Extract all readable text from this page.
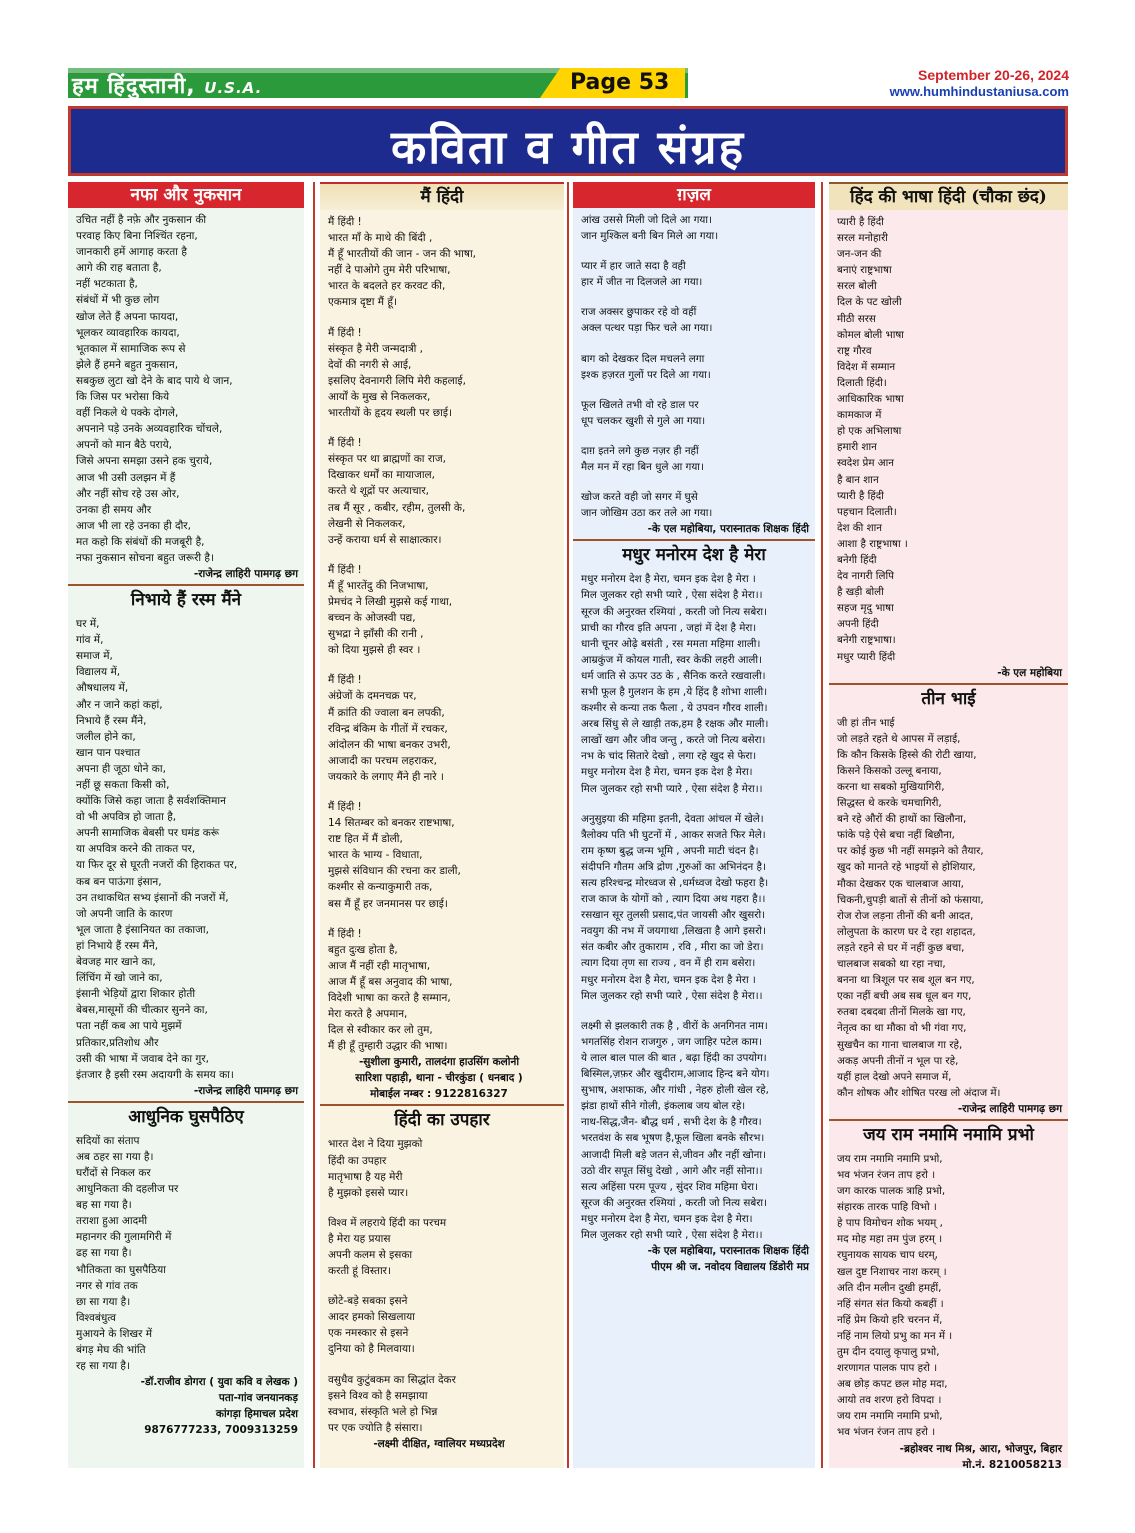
हम हिंदुस्तानी, U.S.A.	Page 53	September 20-26, 2024
www.humhindustaniusa.com
कविता व गीत संग्रह
नफा और नुकसान
उचित नहीं है नफ़े और नुकसान की
परवाह किए बिना निश्चिंत रहना,
जानकारी हमें आगाह करता है
आगे की राह बताता है,
नहीं भटकाता है,
संबंधों में भी कुछ लोग
खोज लेते हैं अपना फायदा,
भूलकर व्यावहारिक कायदा,
भूतकाल में सामाजिक रूप से
झेले हैं हमने बहुत नुकसान,
सबकुछ लुटा खो देने के बाद पाये थे जान,
कि जिस पर भरोसा किये
वहीं निकले थे पक्के दोगले,
अपनाने पड़े उनके अव्यवहारिक चोंचले,
अपनों को मान बैठे पराये,
जिसे अपना समझा उसने हक चुराये,
आज भी उसी उलझन में हैं
और नहीं सोच रहे उस ओर,
उनका ही समय और
आज भी ला रहे उनका ही दौर,
मत कहो कि संबंधों की मजबूरी है,
नफा नुकसान सोचना बहुत जरूरी है।
-राजेन्द्र लाहिरी पामगढ़ छग
निभाये हैं रस्म मैंने
घर में,
गांव में,
समाज में,
विद्यालय में,
औषधालय में,
और न जाने कहां कहां,
निभाये हैं रस्म मैंने,
जलील होने का,
खान पान पश्चात
अपना ही जूठा धोने का,
नहीं छू सकता किसी को,
क्योंकि जिसे कहा जाता है सर्वशक्तिमान
वो भी अपवित्र हो जाता है,
अपनी सामाजिक बेबसी पर घमंड करूं
या अपवित्र करने की ताकत पर,
या फिर दूर से घूरती नजरों की हिराकत पर,
कब बन पाऊंगा इंसान,
उन तथाकथित सभ्य इंसानों की नजरों में,
जो अपनी जाति के कारण
भूल जाता है इंसानियत का तकाजा,
हां निभाये हैं रस्म मैंने,
बेवजह मार खाने का,
लिंचिंग में खो जाने का,
इंसानी भेड़ियों द्वारा शिकार होती
बेबस,मासूमों की चीत्कार सुनने का,
पता नहीं कब आ पाये मुझमें
प्रतिकार,प्रतिशोध और
उसी की भाषा में जवाब देने का गुर,
इंतजार है इसी रस्म अदायगी के समय का।
-राजेन्द्र लाहिरी पामगढ़ छग
आधुनिक घुसपैठिए
सदियों का संताप
अब ठहर सा गया है।
घरौंदों से निकल कर
आधुनिकता की दहलीज पर
बह सा गया है।
तराशा हुआ आदमी
महानगर की गुलामगिरी में
ढह सा गया है।
भौतिकता का घुसपैठिया
नगर से गांव तक
छा सा गया है।
विश्वबंधुत्व
मुआयने के शिखर में
बंगड़ मेघ की भांति
रह सा गया है।
-डॉ.राजीव डोगरा ( युवा कवि व लेखक )
पता-गांव जनयानकड़
कांगड़ा हिमाचल प्रदेश
9876777233, 7009313259
मैं हिंदी
मैं हिंदी !
भारत माँ के माथे की बिंदी ,
मैं हूँ भारतीयों की जान - जन की भाषा,
नहीं दे पाओगे तुम मेरी परिभाषा,
भारत के बदलते हर करवट की,
एकमात्र दृष्टा मैं हूँ।
मैं हिंदी !
संस्कृत है मेरी जन्मदात्री ,
देवों की नगरी से आई,
इसलिए देवनागरी लिपि मेरी कहलाई,
आर्यों के मुख से निकलकर,
भारतीयों के हृदय स्थली पर छाई।
मैं हिंदी !
संस्कृत पर था ब्राह्मणों का राज,
दिखाकर धर्मों का मायाजाल,
करते थे शूद्रों पर अत्याचार,
तब मैं सूर , कबीर, रहीम, तुलसी के,
लेखनी से निकलकर,
उन्हें कराया धर्म से साक्षात्कार।
मैं हिंदी !
मैं हूँ भारतेंदु की निजभाषा,
प्रेमचंद ने लिखी मुझसे कई गाथा,
बच्चन के ओजस्वी पद्य,
सुभद्रा ने झाँसी की रानी ,
को दिया मुझसे ही स्वर ।
मैं हिंदी !
अंग्रेजों के दमनचक्र पर,
मैं क्रांति की ज्वाला बन लपकी,
रविन्द्र बंकिम के गीतों में रचकर,
आंदोलन की भाषा बनकर उभरी,
आजादी का परचम लहराकर,
जयकारे के लगाए मैंने ही नारे ।
मैं हिंदी !
14 सितम्बर को बनकर राष्टभाषा,
राष्ट हित में मैं डोली,
भारत के भाग्य - विधाता,
मुझसे संविधान की रचना कर डाली,
कश्मीर से कन्याकुमारी तक,
बस मैं हूँ हर जनमानस पर छाई।
मैं हिंदी !
बहुत दुःख होता है,
आज मैं नहीं रही मातृभाषा,
आज मैं हूँ बस अनुवाद की भाषा,
विदेशी भाषा का करते है सम्मान,
मेरा करते है अपमान,
दिल से स्वीकार कर लो तुम,
मैं ही हूँ तुम्हारी उद्धार की भाषा।
-सुशीला कुमारी, तालदंगा हाउसिंग कलोनी
सारिशा पहाड़ी, थाना - चीरकुंडा ( धनबाद )
मोबाईल नम्बर : 9122816327
हिंदी का उपहार
भारत देश ने दिया मुझको
हिंदी का उपहार
मातृभाषा है यह मेरी
है मुझको इससे प्यार।
विश्व में लहराये हिंदी का परचम
है मेरा यह प्रयास
अपनी कलम से इसका
करती हूं विस्तार।
छोटे-बड़े सबका इसने
आदर हमको सिखलाया
एक नमस्कार से इसने
दुनिया को है मिलवाया।
वसुधैव कुटुंबकम का सिद्धांत देकर
इसने विश्व को है समझाया
स्वभाव, संस्कृति भले हो भिन्न
पर एक ज्योति है संसारा।
-लक्ष्मी दीक्षित, ग्वालियर मध्यप्रदेश
ग़ज़ल
आंख उससे मिली जो दिले आ गया।
जान मुश्किल बनी बिन मिले आ गया।
प्यार में हार जाते सदा है वही
हार में जीत ना दिलजले आ गया।
राज अक्सर छुपाकर रहे वो वहीं
अक्ल पत्थर पड़ा फिर चले आ गया।
बाग को देखकर दिल मचलने लगा
इश्क हज़रत गुलों पर दिले आ गया।
फूल खिलते तभी वो रहे डाल पर
धूप चलकर खुशी से गुले आ गया।
दाग़ इतने लगे कुछ नज़र ही नहीं
मैल मन में रहा बिन धुले आ गया।
खोज करते वही जो सगर में घुसे
जान जोखिम उठा कर तले आ गया।
-के एल महोबिया, परास्नातक शिक्षक हिंदी
मधुर मनोरम देश है मेरा
मधुर मनोरम देश है मेरा, चमन इक देश है मेरा ।
मिल जुलकर रहो सभी प्यारे , ऐसा संदेश है मेरा।।
सूरज की अनुरक्त रश्मियां , करती जो नित्य सबेरा।
प्राची का गौरव इति अपना , जहां में देश है मेरा।
धानी चूनर ओढ़े बसंती , रस ममता महिमा शाली।
आम्रकुंज में कोयल गाती, स्वर केकी लहरी आली।
धर्म जाति से ऊपर उठ के , सैनिक करते रखवाली।
सभी फूल है गुलशन के हम ,ये हिंद है शोभा शाली।
कश्मीर से कन्या तक फैला , ये उपवन गौरव शाली।
अरब सिंधु से ले खाड़ी तक,हम है रक्षक और माली।
लाखों खग और जीव जन्तु , करते जो नित्य बसेरा।
नभ के चांद सितारे देखो , लगा रहे खुद से फेरा।
मधुर मनोरम देश है मेरा, चमन इक देश है मेरा।
मिल जुलकर रहो सभी प्यारे , ऐसा संदेश है मेरा।।
अनुसुइया की महिमा इतनी, देवता आंचल में खेले।
त्रैलोक्य पति भी घुटनों में , आकर सजते फिर मेले।
राम कृष्ण बुद्ध जन्म भूमि , अपनी माटी चंदन है।
संदीपनि गौतम अत्रि द्रोण ,गुरुओं का अभिनंदन है।
सत्य हरिश्चन्द्र मोरध्वज से ,धर्मध्वज देखो फहरा है।
राज काज के योगों को , त्याग दिया अथ गहरा है।।
रसखान सूर तुलसी प्रसाद,पंत जायसी और खुसरो।
नवयुग की नभ में जयगाथा ,लिखता है आगे इसरो।
संत कबीर और तुकाराम , रवि , मीरा का जो डेरा।
त्याग दिया तृण सा राज्य , वन में ही राम बसेरा।
मधुर मनोरम देश है मेरा, चमन इक देश है मेरा ।
मिल जुलकर रहो सभी प्यारे , ऐसा संदेश है मेरा।।
लक्ष्मी से झलकारी तक है , वीरों के अनगिनत नाम।
भगतसिंह रोशन राजगुरु , जग जाहिर पटेल काम।
ये लाल बाल पाल की बात , बढ़ा हिंदी का उपयोग।
बिस्मिल,ज़फ़र और खुदीराम,आजाद हिन्द बने योग।
सुभाष, अशफाक, और गांधी , नेहरु होली खेल रहे,
झंडा हाथों सीने गोली, इंकलाब जय बोल रहे।
नाथ-सिद्ध,जैन- बौद्ध धर्म , सभी देश के है गौरव।
भरतवंश के सब भूषण है,फूल खिला बनके सौरभ।
आजादी मिली बड़े जतन से,जीवन और नहीं खोना।
उठो वीर सपूत सिंधु देखो , आगे और नहीं सोना।।
सत्य अहिंसा परम पूज्य , सुंदर शिव महिमा घेरा।
सूरज की अनुरक्त रश्मियां , करती जो नित्य सबेरा।
मधुर मनोरम देश है मेरा, चमन इक देश है मेरा।
मिल जुलकर रहो सभी प्यारे , ऐसा संदेश है मेरा।।
-के एल महोबिया, परास्नातक शिक्षक हिंदी
पीएम श्री ज. नवोदय विद्यालय डिंडोरी मप्र
हिंद की भाषा हिंदी (चौका छंद)
प्यारी है हिंदी
सरल मनोहारी
जन-जन की
बनाएं राष्ट्रभाषा
सरल बोली
दिल के पट खोली
मीठी सरस
कोमल बोली भाषा
राष्ट्र गौरव
विदेश में सम्मान
दिलाती हिंदी।
आधिकारिक भाषा
कामकाज में
हो एक अभिलाषा
हमारी शान
स्वदेश प्रेम आन
है बान शान
प्यारी है हिंदी
पहचान दिलाती।
देश की शान
आशा है राष्ट्रभाषा ।
बनेगी हिंदी
देव नागरी लिपि
है खड़ी बोली
सहज मृदु भाषा
अपनी हिंदी
बनेगी राष्ट्रभाषा।
मधुर प्यारी हिंदी
-के एल महोबिया
तीन भाई
जी हां तीन भाई
जो लड़ते रहते थे आपस में लड़ाई,
कि कौन किसके हिस्से की रोटी खाया,
किसने किसको उल्लू बनाया,
करना था सबको मुखियागिरी,
सिद्धस्त थे करके चमचागिरी,
बने रहे औरों की हाथों का खिलौना,
फांके पड़े ऐसे बचा नहीं बिछौना,
पर कोई कुछ भी नहीं समझने को तैयार,
खुद को मानते रहे भाइयों से होशियार,
मौका देखकर एक चालबाज आया,
चिकनी,चुपड़ी बातों से तीनों को फंसाया,
रोज रोज लड़ना तीनों की बनी आदत,
लोलुपता के कारण घर दे रहा शहादत,
लड़ते रहने से घर में नहीं कुछ बचा,
चालबाज सबको था रहा नचा,
बनना था त्रिशूल पर सब शूल बन गए,
एका नहीं बची अब सब धूल बन गए,
रुतबा दबदबा तीनों मिलके खा गए,
नेतृत्व का था मौका वो भी गंवा गए,
सुखचैन का गाना चालबाज गा रहे,
अकड़ अपनी तीनों न भूल पा रहे,
यहीं हाल देखो अपने समाज में,
कौन शोषक और शोषित परख लो अंदाज में।
-राजेन्द्र लाहिरी पामगढ़ छग
जय राम नमामि नमामि प्रभो
जय राम नमामि नमामि प्रभो,
भव भंजन रंजन ताप हरो ।
जग कारक पालक त्राहि प्रभो,
संहारक तारक पाहि विभो ।
हे पाप विमोचन शोक भयम् ,
मद मोह महा तम पुंज हरम् ।
रघुनायक सायक चाप धरम्,
खल दुष्ट निशाचर नाश करम् ।
अति दीन मलीन दुखी हमहीं,
नहिं संगत संत कियो कबहीं ।
नहिं प्रेम कियो हरि चरनन में,
नहिं नाम लियो प्रभु का मन में ।
तुम दीन दयालु कृपालु प्रभो,
शरणागत पालक पाप हरो ।
अब छोड़ कपट छल मोह मदा,
आयो तव शरण हरो विपदा ।
जय राम नमामि नमामि प्रभो,
भव भंजन रंजन ताप हरो ।
-ब्रहोश्वर नाथ मिश्र, आरा, भोजपुर, बिहार
मो.नं. 8210058213
